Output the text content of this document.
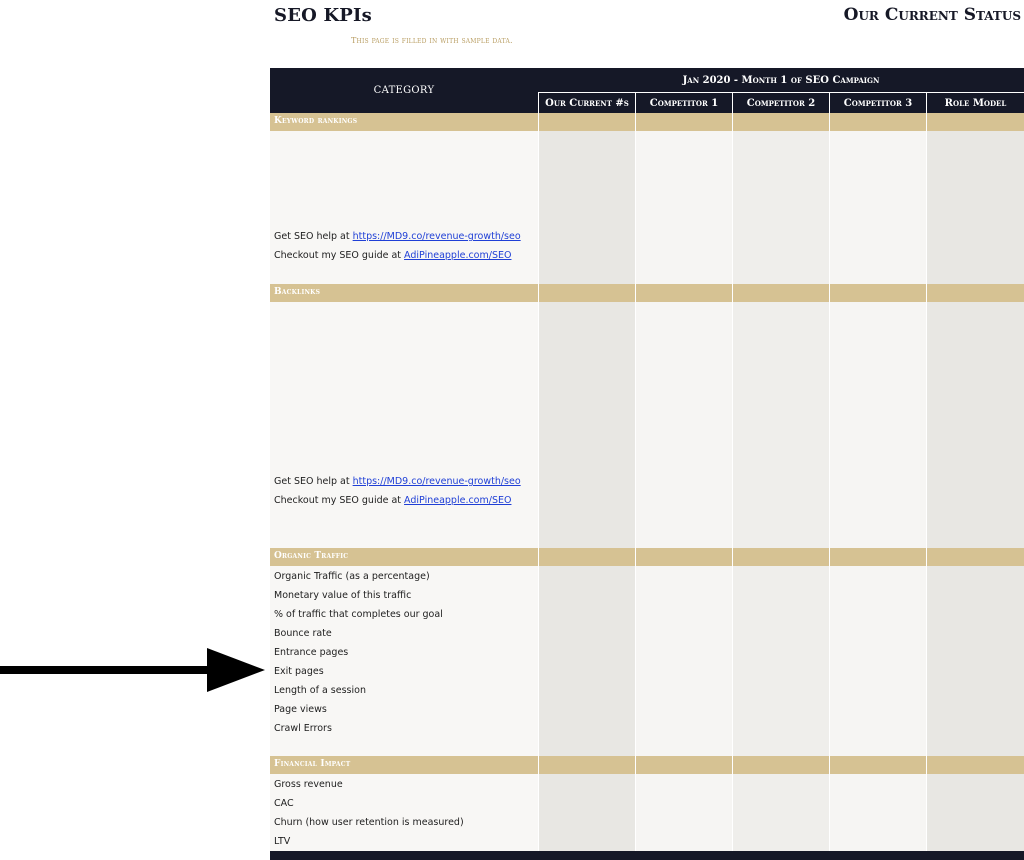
SEO KPIs	Our Current Status
This page is filled in with sample data.
CATEGORY
Jan 2020 - Month 1 of SEO Campaign
Our Current #s	Competitor 1	Competitor 2	Competitor 3	Role Model
Keyword rankings
Get SEO help at https://MD9.co/revenue-growth/seo
Checkout my SEO guide at AdiPineapple.com/SEO
Backlinks
Get SEO help at https://MD9.co/revenue-growth/seo
Checkout my SEO guide at AdiPineapple.com/SEO
Organic Traffic
Organic Traffic (as a percentage)
Monetary value of this traffic
% of traffic that completes our goal
Bounce rate
Entrance pages
Exit pages
Length of a session
Page views
Crawl Errors
Financial Impact
Gross revenue
CAC
Churn (how user retention is measured)
LTV
